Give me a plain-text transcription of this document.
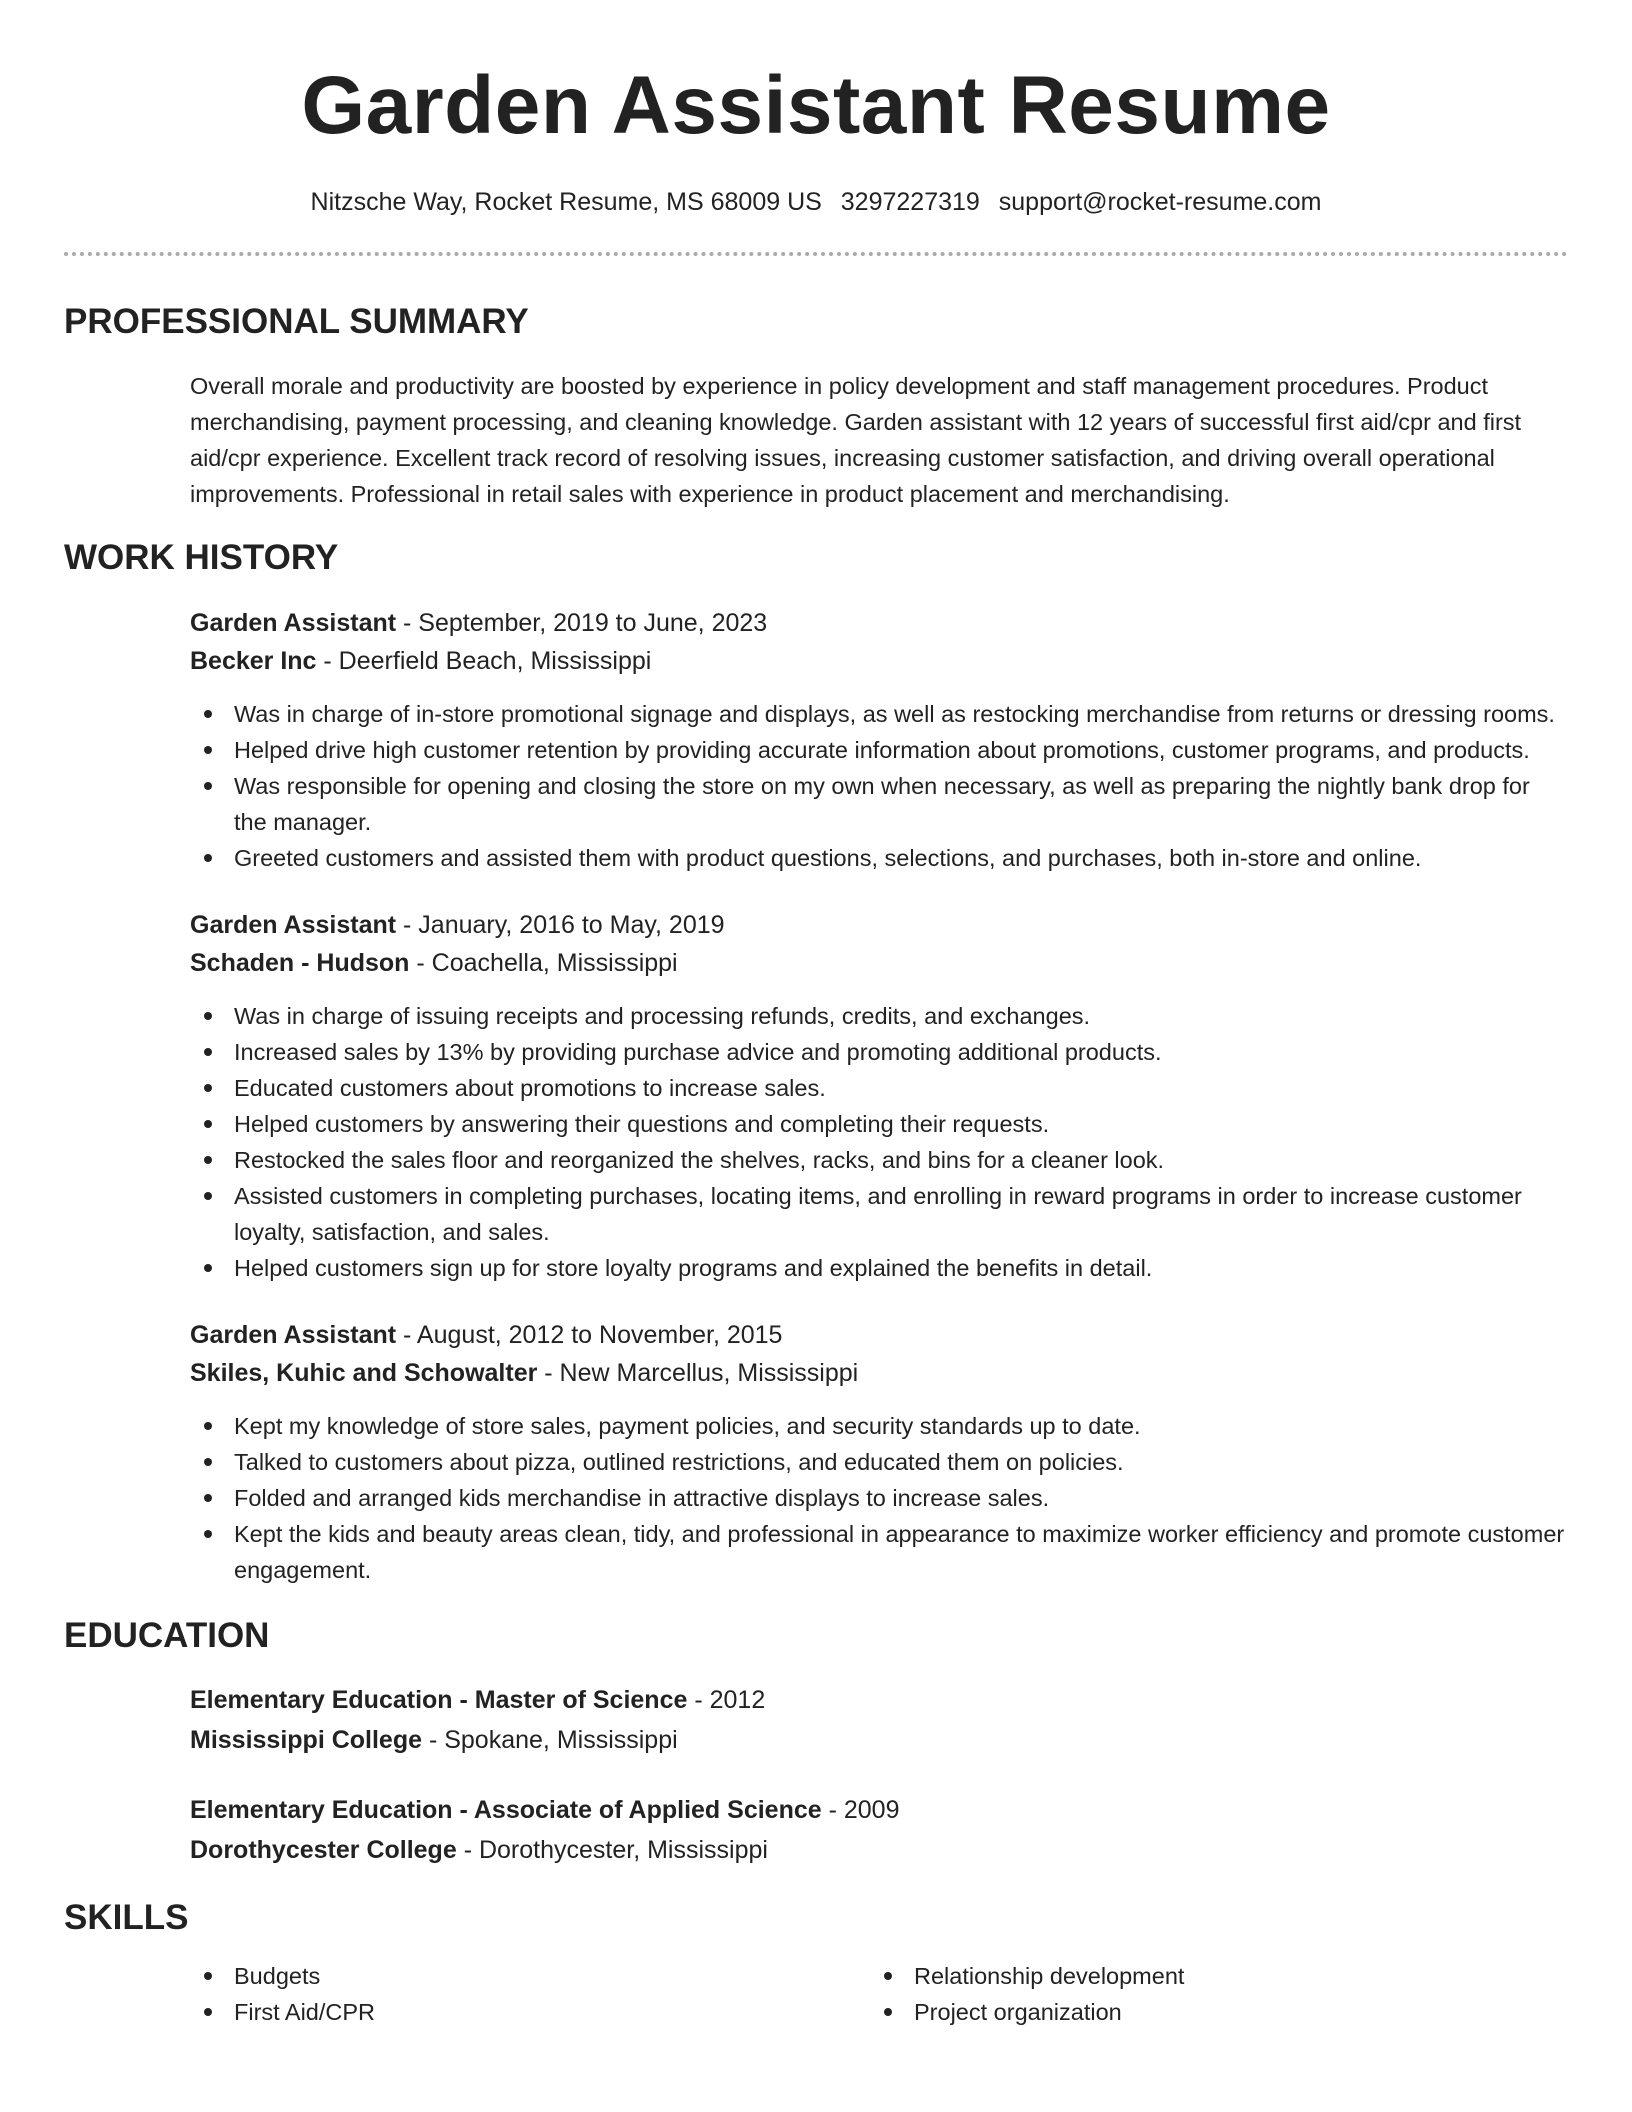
Garden Assistant Resume
Nitzsche Way, Rocket Resume, MS 68009 US 3297227319 support@rocket-resume.com
PROFESSIONAL SUMMARY
Overall morale and productivity are boosted by experience in policy development and staff management procedures. Product merchandising, payment processing, and cleaning knowledge. Garden assistant with 12 years of successful first aid/cpr and first aid/cpr experience. Excellent track record of resolving issues, increasing customer satisfaction, and driving overall operational improvements. Professional in retail sales with experience in product placement and merchandising.
WORK HISTORY
Garden Assistant - September, 2019 to June, 2023
Becker Inc - Deerfield Beach, Mississippi
Was in charge of in-store promotional signage and displays, as well as restocking merchandise from returns or dressing rooms.
Helped drive high customer retention by providing accurate information about promotions, customer programs, and products.
Was responsible for opening and closing the store on my own when necessary, as well as preparing the nightly bank drop for the manager.
Greeted customers and assisted them with product questions, selections, and purchases, both in-store and online.
Garden Assistant - January, 2016 to May, 2019
Schaden - Hudson - Coachella, Mississippi
Was in charge of issuing receipts and processing refunds, credits, and exchanges.
Increased sales by 13% by providing purchase advice and promoting additional products.
Educated customers about promotions to increase sales.
Helped customers by answering their questions and completing their requests.
Restocked the sales floor and reorganized the shelves, racks, and bins for a cleaner look.
Assisted customers in completing purchases, locating items, and enrolling in reward programs in order to increase customer loyalty, satisfaction, and sales.
Helped customers sign up for store loyalty programs and explained the benefits in detail.
Garden Assistant - August, 2012 to November, 2015
Skiles, Kuhic and Schowalter - New Marcellus, Mississippi
Kept my knowledge of store sales, payment policies, and security standards up to date.
Talked to customers about pizza, outlined restrictions, and educated them on policies.
Folded and arranged kids merchandise in attractive displays to increase sales.
Kept the kids and beauty areas clean, tidy, and professional in appearance to maximize worker efficiency and promote customer engagement.
EDUCATION
Elementary Education - Master of Science - 2012
Mississippi College - Spokane, Mississippi
Elementary Education - Associate of Applied Science - 2009
Dorothycester College - Dorothycester, Mississippi
SKILLS
Budgets
First Aid/CPR
Relationship development
Project organization
